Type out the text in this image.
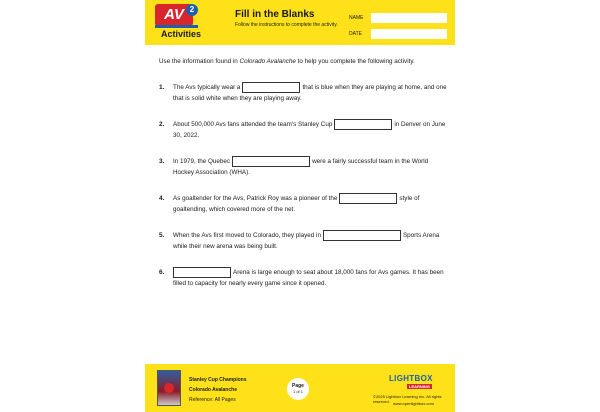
AV 2
Activities
Fill in the Blanks
Follow the instructions to complete the activity.
NAME
DATE
Use the information found in Colorado Avalanche to help you complete the following activity.
1. The Avs typically wear a	that is blue when they are playing at home, and one that is solid white when they are playing away.
2. About 500,000 Avs fans attended the team's Stanley Cup	in Denver on June 30, 2022.
3. In 1979, the Quebec	were a fairly successful team in the World Hockey Association (WHA).
4. As goaltender for the Avs, Patrick Roy was a pioneer of the	style of goaltending, which covered more of the net.
5. When the Avs first moved to Colorado, they played in	Sports Arena while their new arena was being built.
6.	Arena is large enough to seat about 18,000 fans for Avs games. It has been filled to capacity for nearly every game since it opened.
Stanley Cup Champions
Colorado Avalanche
Reference: All Pages
Page
1 of 1
LIGHTBOX
LEARNING
©2025 Lightbox Learning Inc. All rights reserved. www.openlightbox.com
